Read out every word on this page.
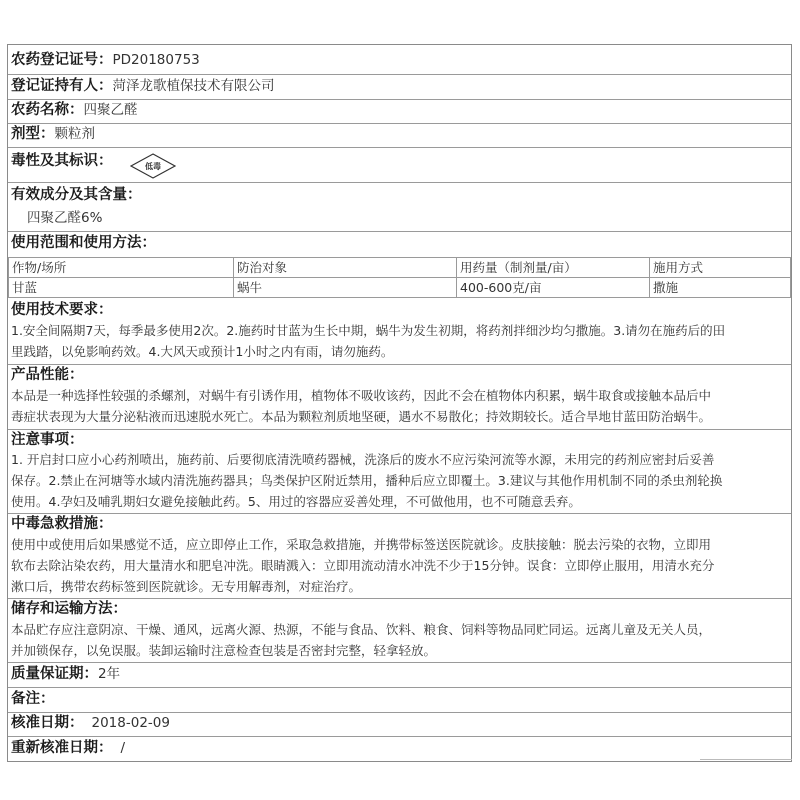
农药登记证号：PD20180753
登记证持有人：菏泽龙歌植保技术有限公司
农药名称：四聚乙醛
剂型：颗粒剂
毒性及其标识：	低毒
有效成分及其含量：
四聚乙醛6%
使用范围和使用方法：
作物/场所	防治对象	用药量（制剂量/亩）	施用方式
甘蓝	蜗牛	400-600克/亩	撒施
使用技术要求：
1.安全间隔期7天，每季最多使用2次。2.施药时甘蓝为生长中期，蜗牛为发生初期，将药剂拌细沙均匀撒施。3.请勿在施药后的田
里践踏，以免影响药效。4.大风天或预计1小时之内有雨，请勿施药。
产品性能：
本品是一种选择性较强的杀螺剂，对蜗牛有引诱作用，植物体不吸收该药，因此不会在植物体内积累，蜗牛取食或接触本品后中
毒症状表现为大量分泌粘液而迅速脱水死亡。本品为颗粒剂质地坚硬，遇水不易散化；持效期较长。适合旱地甘蓝田防治蜗牛。
注意事项：
1. 开启封口应小心药剂喷出，施药前、后要彻底清洗喷药器械，洗涤后的废水不应污染河流等水源，未用完的药剂应密封后妥善
保存。2.禁止在河塘等水域内清洗施药器具；鸟类保护区附近禁用，播种后应立即覆土。3.建议与其他作用机制不同的杀虫剂轮换
使用。4.孕妇及哺乳期妇女避免接触此药。5、用过的容器应妥善处理，不可做他用，也不可随意丢弃。
中毒急救措施：
使用中或使用后如果感觉不适，应立即停止工作，采取急救措施，并携带标签送医院就诊。皮肤接触：脱去污染的衣物，立即用
软布去除沾染农药，用大量清水和肥皂冲洗。眼睛溅入：立即用流动清水冲洗不少于15分钟。误食：立即停止服用，用清水充分
漱口后，携带农药标签到医院就诊。无专用解毒剂，对症治疗。
储存和运输方法：
本品贮存应注意阴凉、干燥、通风，远离火源、热源，不能与食品、饮料、粮食、饲料等物品同贮同运。远离儿童及无关人员，
并加锁保存，以免误服。装卸运输时注意检查包装是否密封完整，轻拿轻放。
质量保证期：2年
备注：
核准日期： 2018-02-09
重新核准日期： /
